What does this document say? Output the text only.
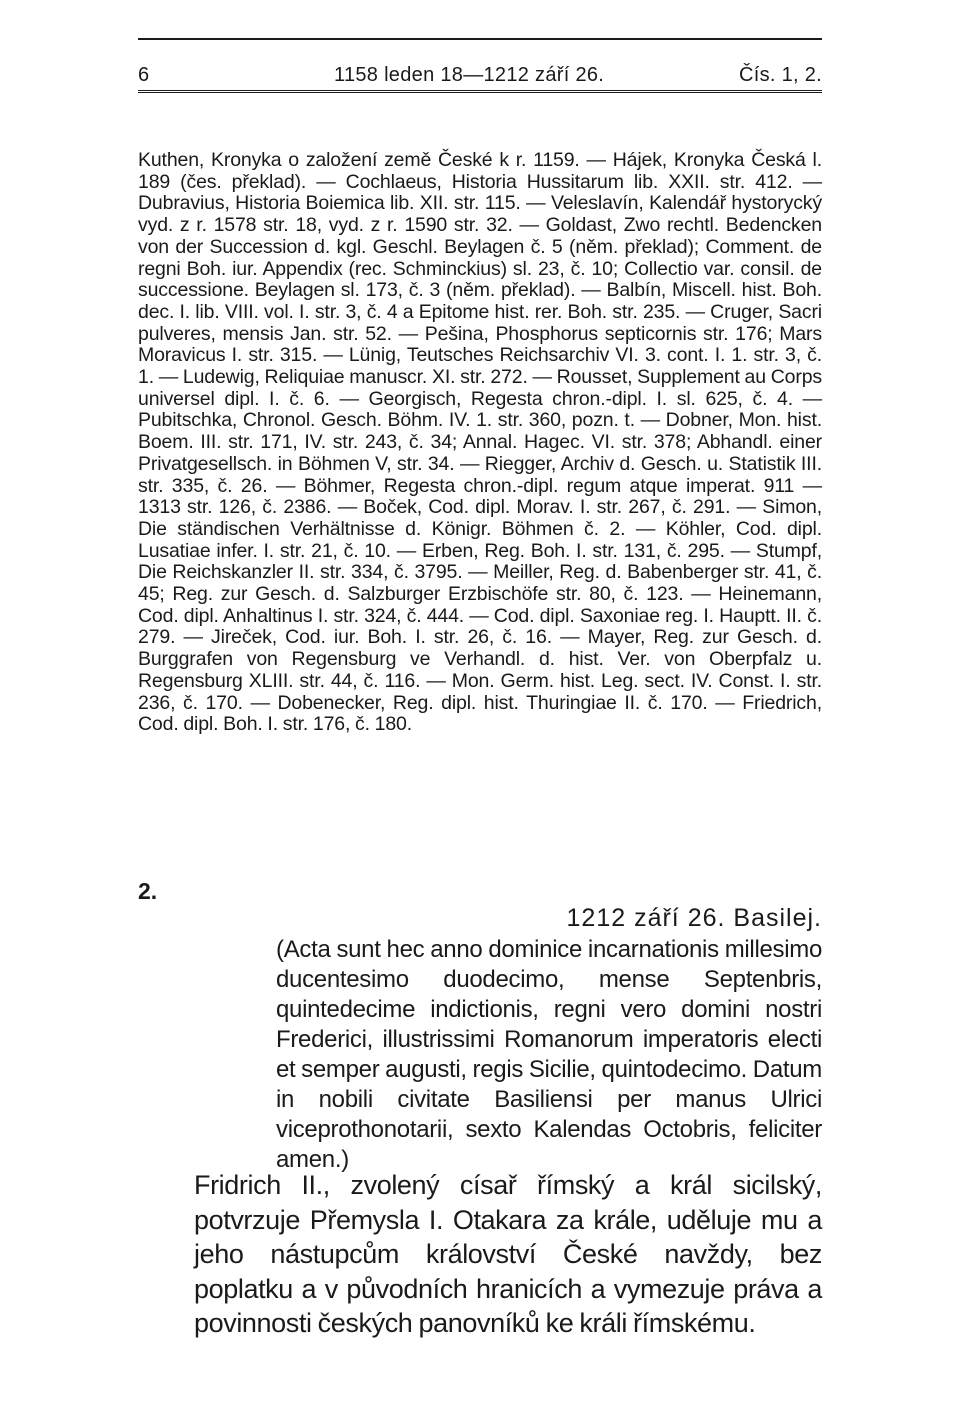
6	1158 leden 18—1212 září 26.	Čís. 1, 2.
Kuthen, Kronyka o založení země České k r. 1159. — Hájek, Kronyka Česká l. 189 (čes. překlad). — Cochlaeus, Historia Hussitarum lib. XXII. str. 412. — Dubravius, Historia Boiemica lib. XII. str. 115. — Veleslavín, Kalendář hystorycký vyd. z r. 1578 str. 18, vyd. z r. 1590 str. 32. — Goldast, Zwo rechtl. Bedencken von der Succession d. kgl. Geschl. Beylagen č. 5 (něm. překlad); Comment. de regni Boh. iur. Appendix (rec. Schminckius) sl. 23, č. 10; Collectio var. consil. de successione. Beylagen sl. 173, č. 3 (něm. překlad). — Balbín, Miscell. hist. Boh. dec. I. lib. VIII. vol. I. str. 3, č. 4 a Epitome hist. rer. Boh. str. 235. — Cruger, Sacri pulveres, mensis Jan. str. 52. — Pešina, Phosphorus septicornis str. 176; Mars Moravicus I. str. 315. — Lünig, Teutsches Reichsarchiv VI. 3. cont. I. 1. str. 3, č. 1. — Ludewig, Reliquiae manuscr. XI. str. 272. — Rousset, Supplement au Corps universel dipl. I. č. 6. — Georgisch, Regesta chron.-dipl. I. sl. 625, č. 4. — Pubitschka, Chronol. Gesch. Böhm. IV. 1. str. 360, pozn. t. — Dobner, Mon. hist. Boem. III. str. 171, IV. str. 243, č. 34; Annal. Hagec. VI. str. 378; Abhandl. einer Privatgesellsch. in Böhmen V, str. 34. — Riegger, Archiv d. Gesch. u. Statistik III. str. 335, č. 26. — Böhmer, Regesta chron.-dipl. regum atque imperat. 911 — 1313 str. 126, č. 2386. — Boček, Cod. dipl. Morav. I. str. 267, č. 291. — Simon, Die ständischen Verhältnisse d. Königr. Böhmen č. 2. — Köhler, Cod. dipl. Lusatiae infer. I. str. 21, č. 10. — Erben, Reg. Boh. I. str. 131, č. 295. — Stumpf, Die Reichskanzler II. str. 334, č. 3795. — Meiller, Reg. d. Babenberger str. 41, č. 45; Reg. zur Gesch. d. Salzburger Erzbischöfe str. 80, č. 123. — Heinemann, Cod. dipl. Anhaltinus I. str. 324, č. 444. — Cod. dipl. Saxoniae reg. I. Hauptt. II. č. 279. — Jireček, Cod. iur. Boh. I. str. 26, č. 16. — Mayer, Reg. zur Gesch. d. Burggrafen von Regensburg ve Verhandl. d. hist. Ver. von Oberpfalz u. Regensburg XLIII. str. 44, č. 116. — Mon. Germ. hist. Leg. sect. IV. Const. I. str. 236, č. 170. — Dobenecker, Reg. dipl. hist. Thuringiae II. č. 170. — Friedrich, Cod. dipl. Boh. I. str. 176, č. 180.
2.
1212 září 26. Basilej.
(Acta sunt hec anno dominice incarnationis millesimo ducentesimo duodecimo, mense Septenbris, quintedecime indictionis, regni vero domini nostri Frederici, illustrissimi Romanorum imperatoris electi et semper augusti, regis Sicilie, quintodecimo. Datum in nobili civitate Basiliensi per manus Ulrici viceprothonotarii, sexto Kalendas Octobris, feliciter amen.)
Fridrich II., zvolený císař římský a král sicilský, potvrzuje Přemysla I. Otakara za krále, uděluje mu a jeho nástupcům království České navždy, bez poplatku a v původních hranicích a vymezuje práva a povinnosti českých panovníků ke králi římskému.
